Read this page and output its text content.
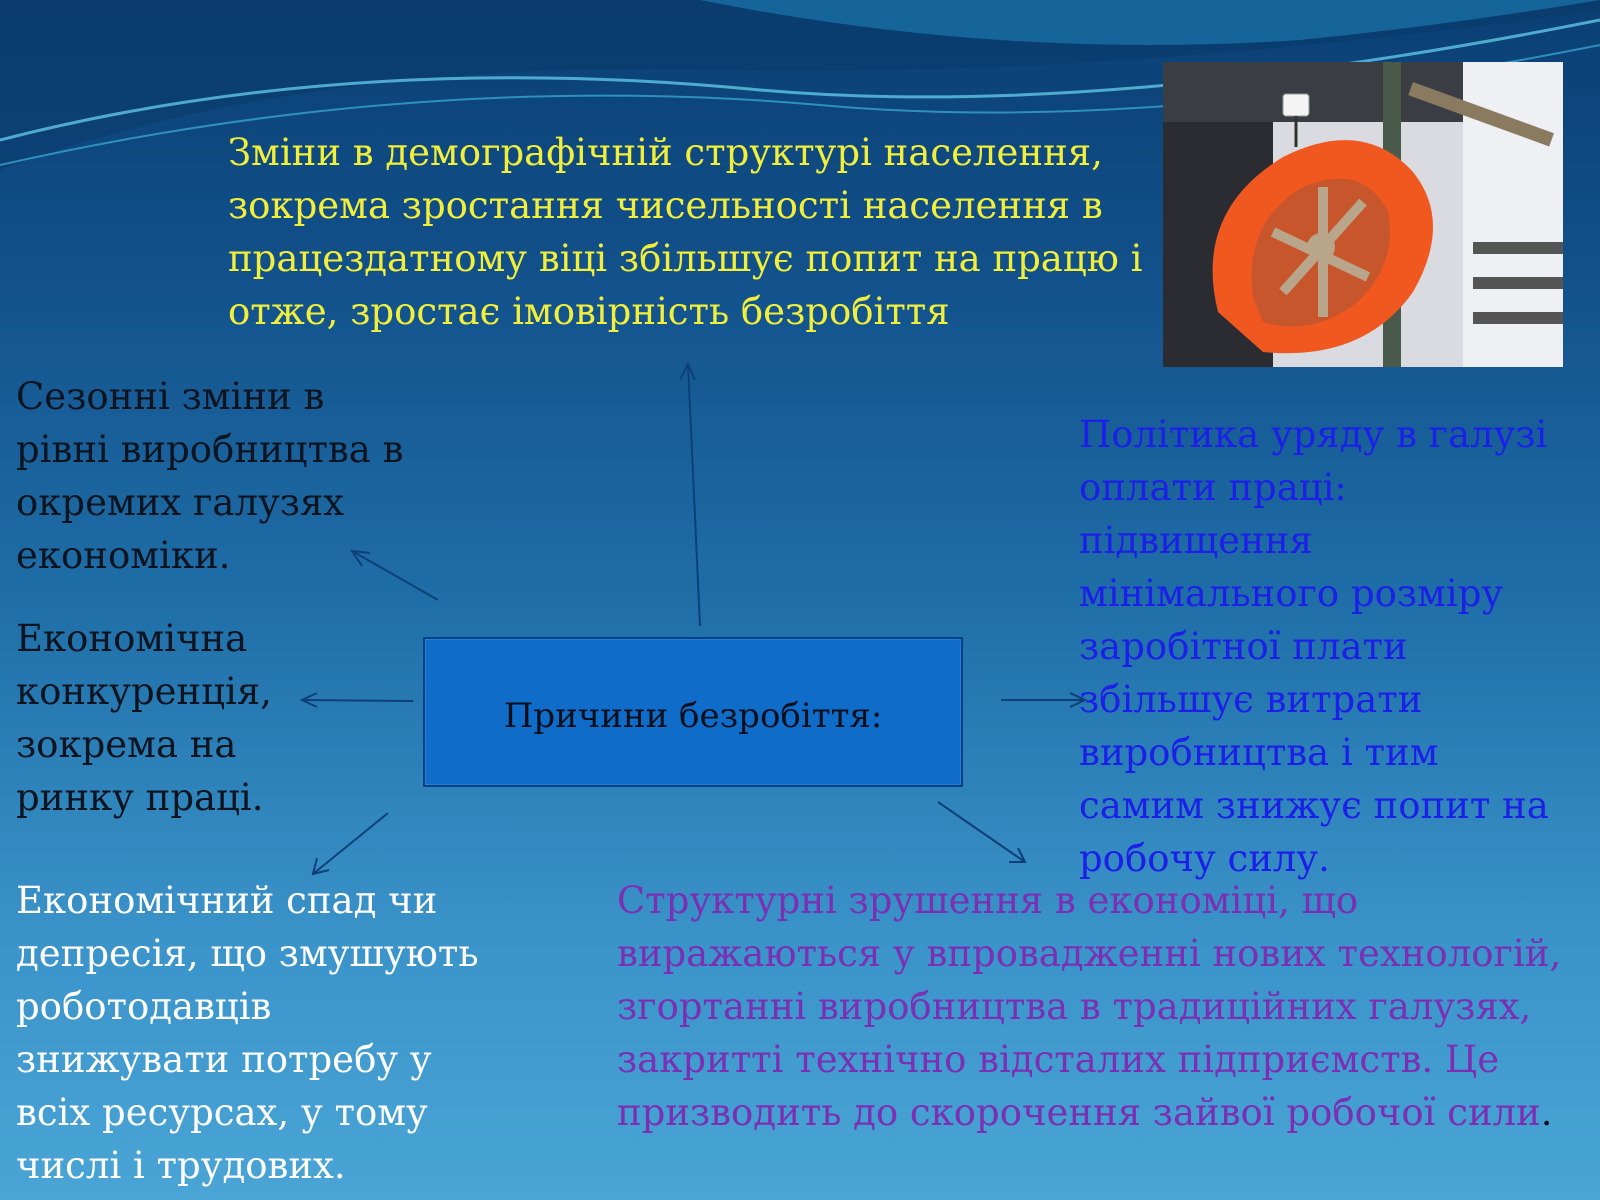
Зміни в демографічній структурі населення,
зокрема зростання чисельності населення в
працездатному віці збільшує попит на працю і
отже, зростає імовірність безробіття

Сезонні зміни в
рівні виробництва в
окремих галузях
економіки.

Економічна
конкуренція,
зокрема на
ринку праці.

Економічний спад чи
депресія, що змушують
роботодавців
знижувати потребу у
всіх ресурсах, у тому
числі і трудових.

Політика уряду в галузі
оплати праці:
підвищення
мінімального розміру
заробітної плати
збільшує витрати
виробництва і тим
самим знижує попит на
робочу силу.

Структурні зрушення в економіці, що
виражаються у впровадженні нових технологій,
згортанні виробництва в традиційних галузях,
закритті технічно відсталих підприємств. Це
призводить до скорочення зайвої робочої сили.

Причини безробіття:
